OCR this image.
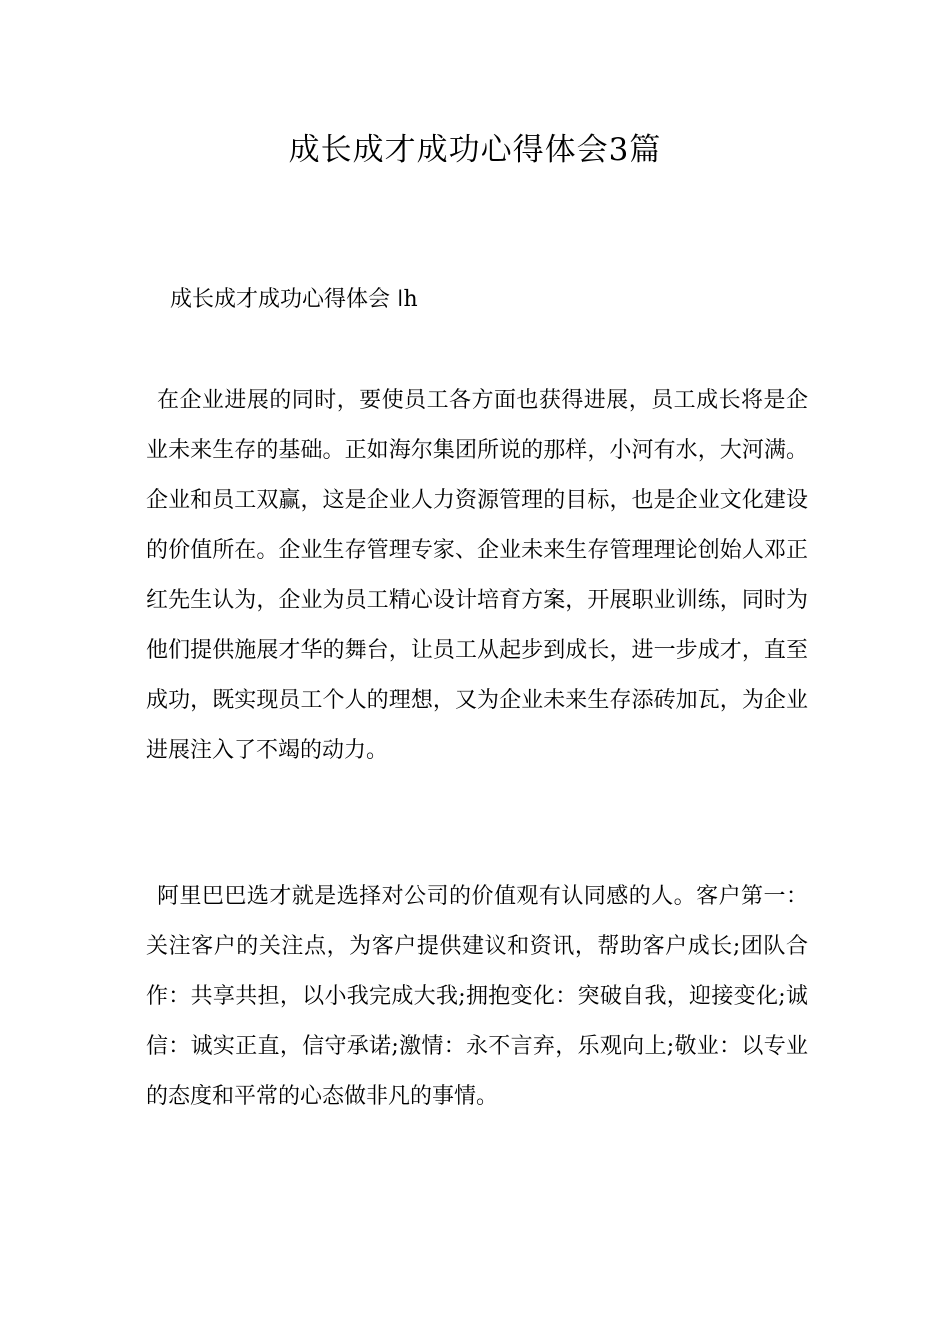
成长成才成功心得体会3篇
成长成才成功心得体会 ǀh

在企业进展的同时，要使员工各方面也获得进展，员工成长将是企业未来生存的基础。正如海尔集团所说的那样，小河有水，大河满。企业和员工双赢，这是企业人力资源管理的目标，也是企业文化建设的价值所在。企业生存管理专家、企业未来生存管理理论创始人邓正红先生认为，企业为员工精心设计培育方案，开展职业训练，同时为他们提供施展才华的舞台，让员工从起步到成长，进一步成才，直至成功，既实现员工个人的理想，又为企业未来生存添砖加瓦，为企业进展注入了不竭的动力。

阿里巴巴选才就是选择对公司的价值观有认同感的人。客户第一：关注客户的关注点，为客户提供建议和资讯，帮助客户成长;团队合作：共享共担，以小我完成大我;拥抱变化：突破自我，迎接变化;诚信：诚实正直，信守承诺;激情：永不言弃，乐观向上;敬业：以专业的态度和平常的心态做非凡的事情。
